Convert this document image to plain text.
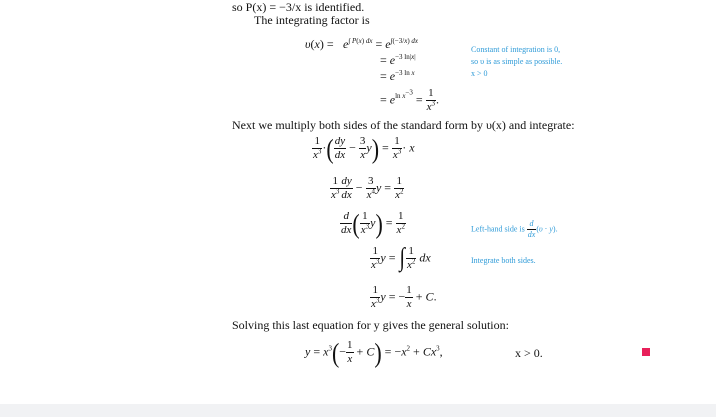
so P(x) = −3/x is identified.
The integrating factor is
$\upsilon(x) = e^{\int P(x) dx} = e^{\int(-3/x) dx}$
= $e^{-3 ln|x|}$
= $e^{-3 ln x}$
= $e^{ln x^{-3}} = \frac{1}{x^3}$ .
Constant of integration is 0,
so υ is as simple as possible.
x > 0
Next we multiply both sides of the standard form by υ(x) and integrate:
$\frac{1}{x^3}$ ·( $\frac{dy}{dx} - \frac{3}{x} y) = \frac{1}{x^3} \cdot x$
$\frac{1}{x^3} \frac{dy}{dx} - \frac{3}{x^4}$ $y = \frac{1}{x^2}$
$\frac{d}{dx}$ ( $\frac{1}{x^3} y) = \frac{1}{x^2}$	Left-hand side is $\frac{d}{dx} (\upsilon \cdot y)$.
$\frac{1}{x^3}$ y = ∫ $\frac{1}{x^2}$ dx	Integrate both sides.
$\frac{1}{x^3}$ y = − $\frac{1}{x} + C$.
Solving this last equation for y gives the general solution:
$y = x^3(- \frac{1}{x} + C) = -x^2 + Cx^3$,	x > 0.
